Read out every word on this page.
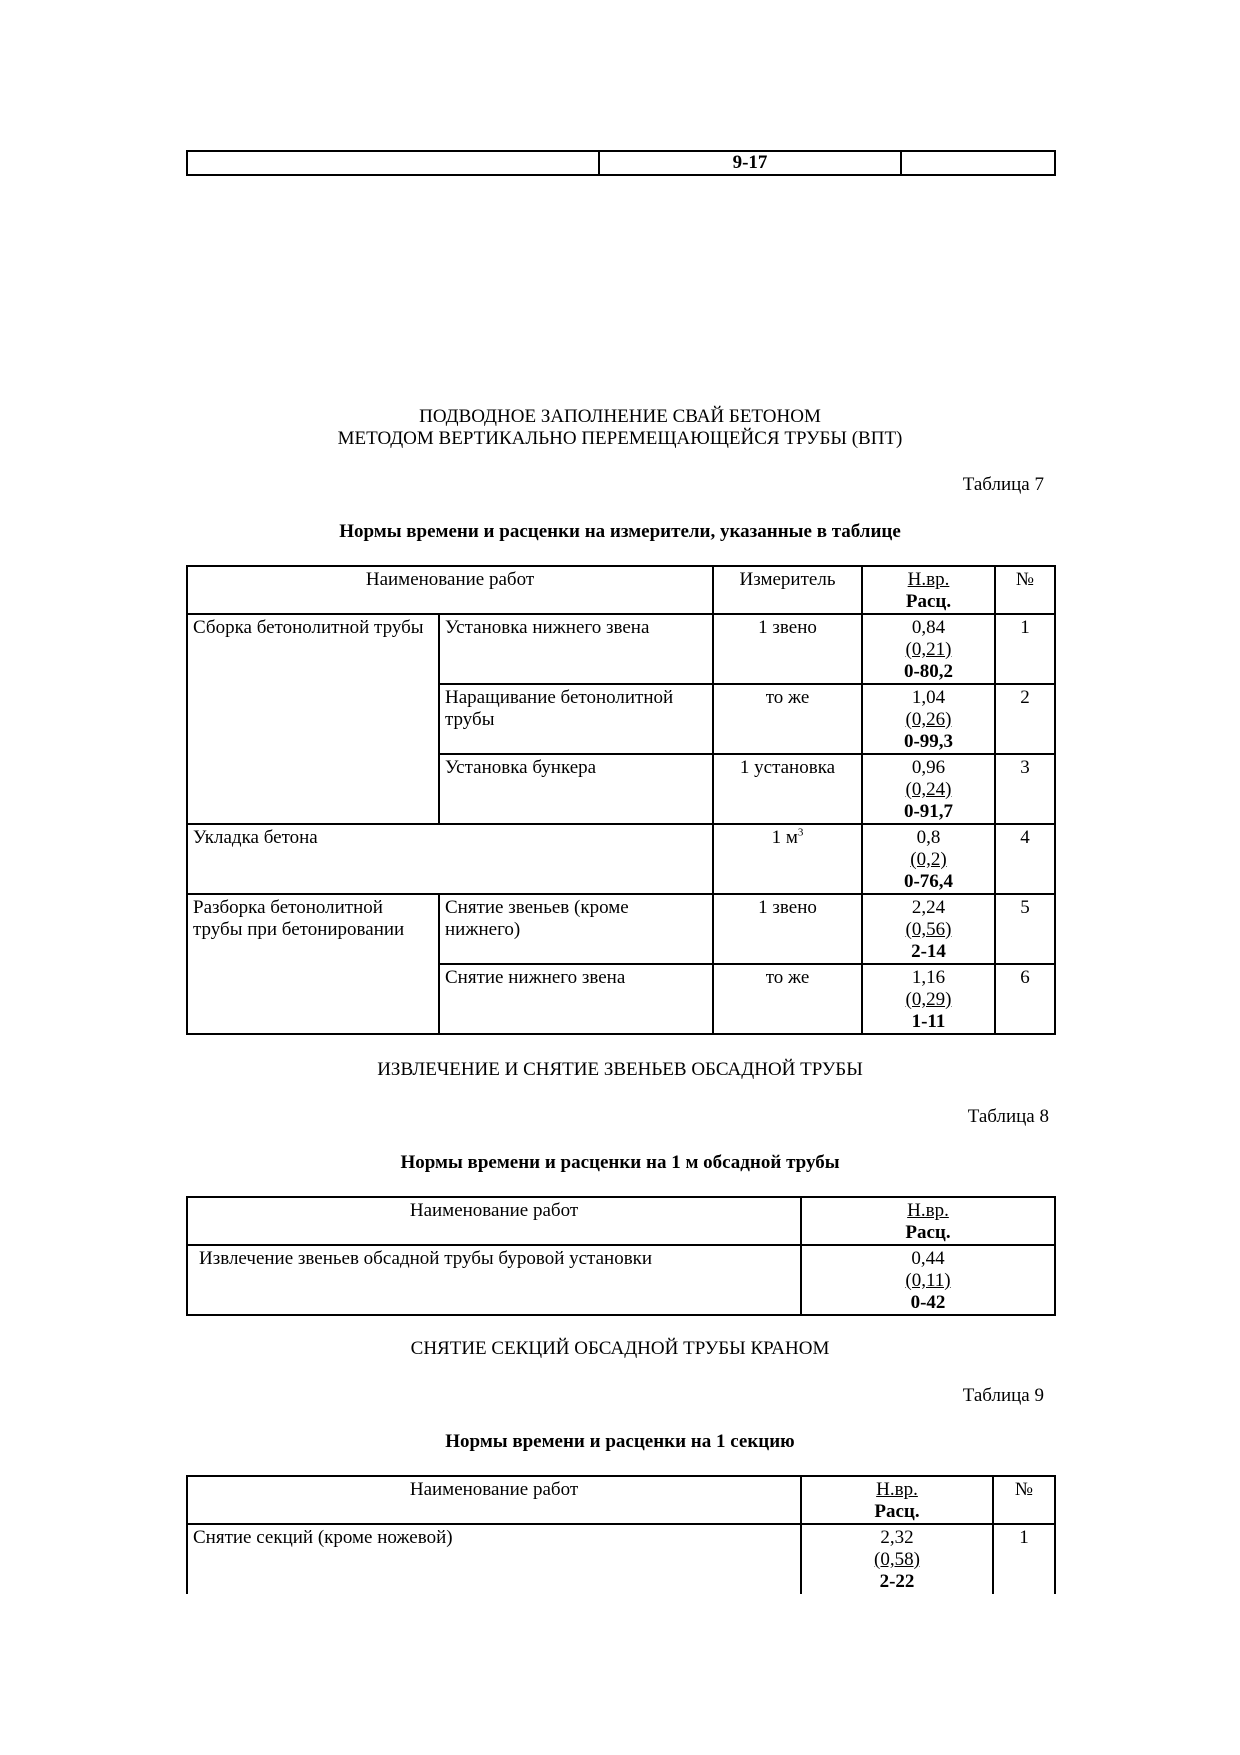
	9-17	

ПОДВОДНОЕ ЗАПОЛНЕНИЕ СВАЙ БЕТОНОМ

МЕТОДОМ ВЕРТИКАЛЬНО ПЕРЕМЕЩАЮЩЕЙСЯ ТРУБЫ (ВПТ)

Таблица 7

Нормы времени и расценки на измерители, указанные в таблице

Наименование работ		Измеритель	Н.вр.
Расц.	№
Сборка бетонолитной трубы	Установка нижнего звена	1 звено	0,84
(0,21)
0-80,2	1
	Наращивание бетонолитной трубы	то же	1,04
(0,26)
0-99,3	2
	Установка бункера	1 установка	0,96
(0,24)
0-91,7	3
Укладка бетона		1 $м^3$	0,8
(0,2)
0-76,4	4
Разборка бетонолитной трубы при бетонировании	Снятие звеньев (кроме нижнего)	1 звено	2,24
(0,56)
2-14	5
	Снятие нижнего звена	то же	1,16
(0,29)
1-11	6

ИЗВЛЕЧЕНИЕ И СНЯТИЕ ЗВЕНЬЕВ ОБСАДНОЙ ТРУБЫ

Таблица 8

Нормы времени и расценки на 1 м обсадной трубы

Наименование работ	Н.вр.
Расц.

Извлечение звеньев обсадной трубы буровой установки	0,44
(0,11)
0-42

СНЯТИЕ СЕКЦИЙ ОБСАДНОЙ ТРУБЫ КРАНОМ

Таблица 9

Нормы времени и расценки на 1 секцию

Наименование работ	Н.вр.
Расц.	№
Снятие секций (кроме ножевой)	2,32
(0,58)
2-22	1
